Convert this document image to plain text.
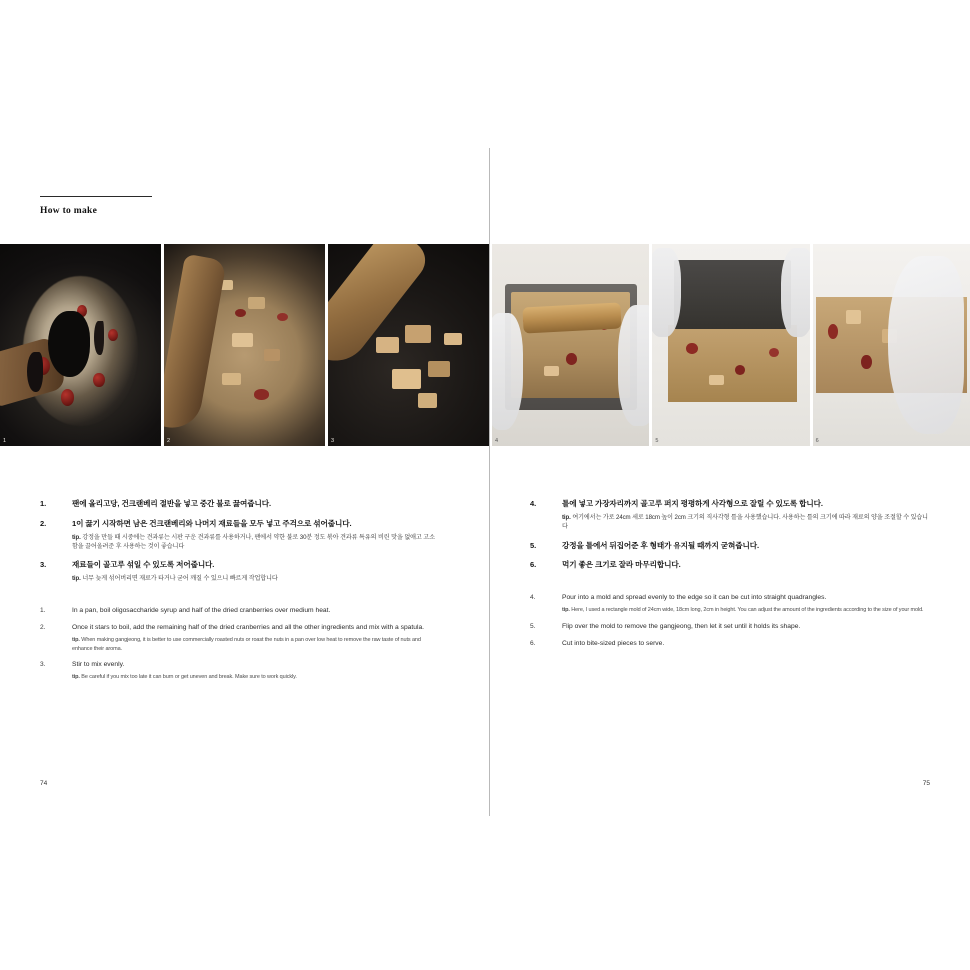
How to make
1	2	3
1.	팬에 올리고당, 건크랜베리 절반을 넣고 중간 불로 끓여줍니다.
2.	1이 끓기 시작하면 남은 건크랜베리와 나머지 재료들을 모두 넣고 주걱으로 섞어줍니다.
tip. 강정을 만들 때 시중에는 견과류는 시판 구운 견과류를 사용하거나, 팬에서 약한 불로 30분 정도 볶아 견과류 특유의 비린 맛을 없애고 고소함을 끌어올려준 후 사용하는 것이 좋습니다
3.	재료들이 골고루 섞일 수 있도록 저어줍니다.
tip. 너무 늦게 섞어버리면 재료가 타거나 굳어 깨질 수 있으니 빠르게 작업합니다
1.	In a pan, boil oligosaccharide syrup and half of the dried cranberries over medium heat.
2.	Once it stars to boil, add the remaining half of the dried cranberries and all the other ingredients and mix with a spatula.
tip. When making gangjeong, it is better to use commercially roasted nuts or roast the nuts in a pan over low heat to remove the raw taste of nuts and enhance their aroma.
3.	Stir to mix evenly.
tip. Be careful if you mix too late it can burn or get uneven and break. Make sure to work quickly.
74
4	5	6
4.	틀에 넣고 가장자리까지 골고루 퍼지 평평하게 사각형으로 잘릴 수 있도록 합니다.
tip. 여기에서는 가로 24cm 세로 18cm 높이 2cm 크기의 직사각형 틀을 사용했습니다. 사용하는 틀의 크기에 따라 재료의 양을 조절할 수 있습니다
5.	강정을 틀에서 뒤집어준 후 형태가 유지될 때까지 굳혀줍니다.
6.	먹기 좋은 크기로 잘라 마무리합니다.
4.	Pour into a mold and spread evenly to the edge so it can be cut into straight quadrangles.
tip. Here, I used a rectangle mold of 24cm wide, 18cm long, 2cm in height. You can adjust the amount of the ingredients according to the size of your mold.
5.	Flip over the mold to remove the gangjeong, then let it set until it holds its shape.
6.	Cut into bite-sized pieces to serve.
75
